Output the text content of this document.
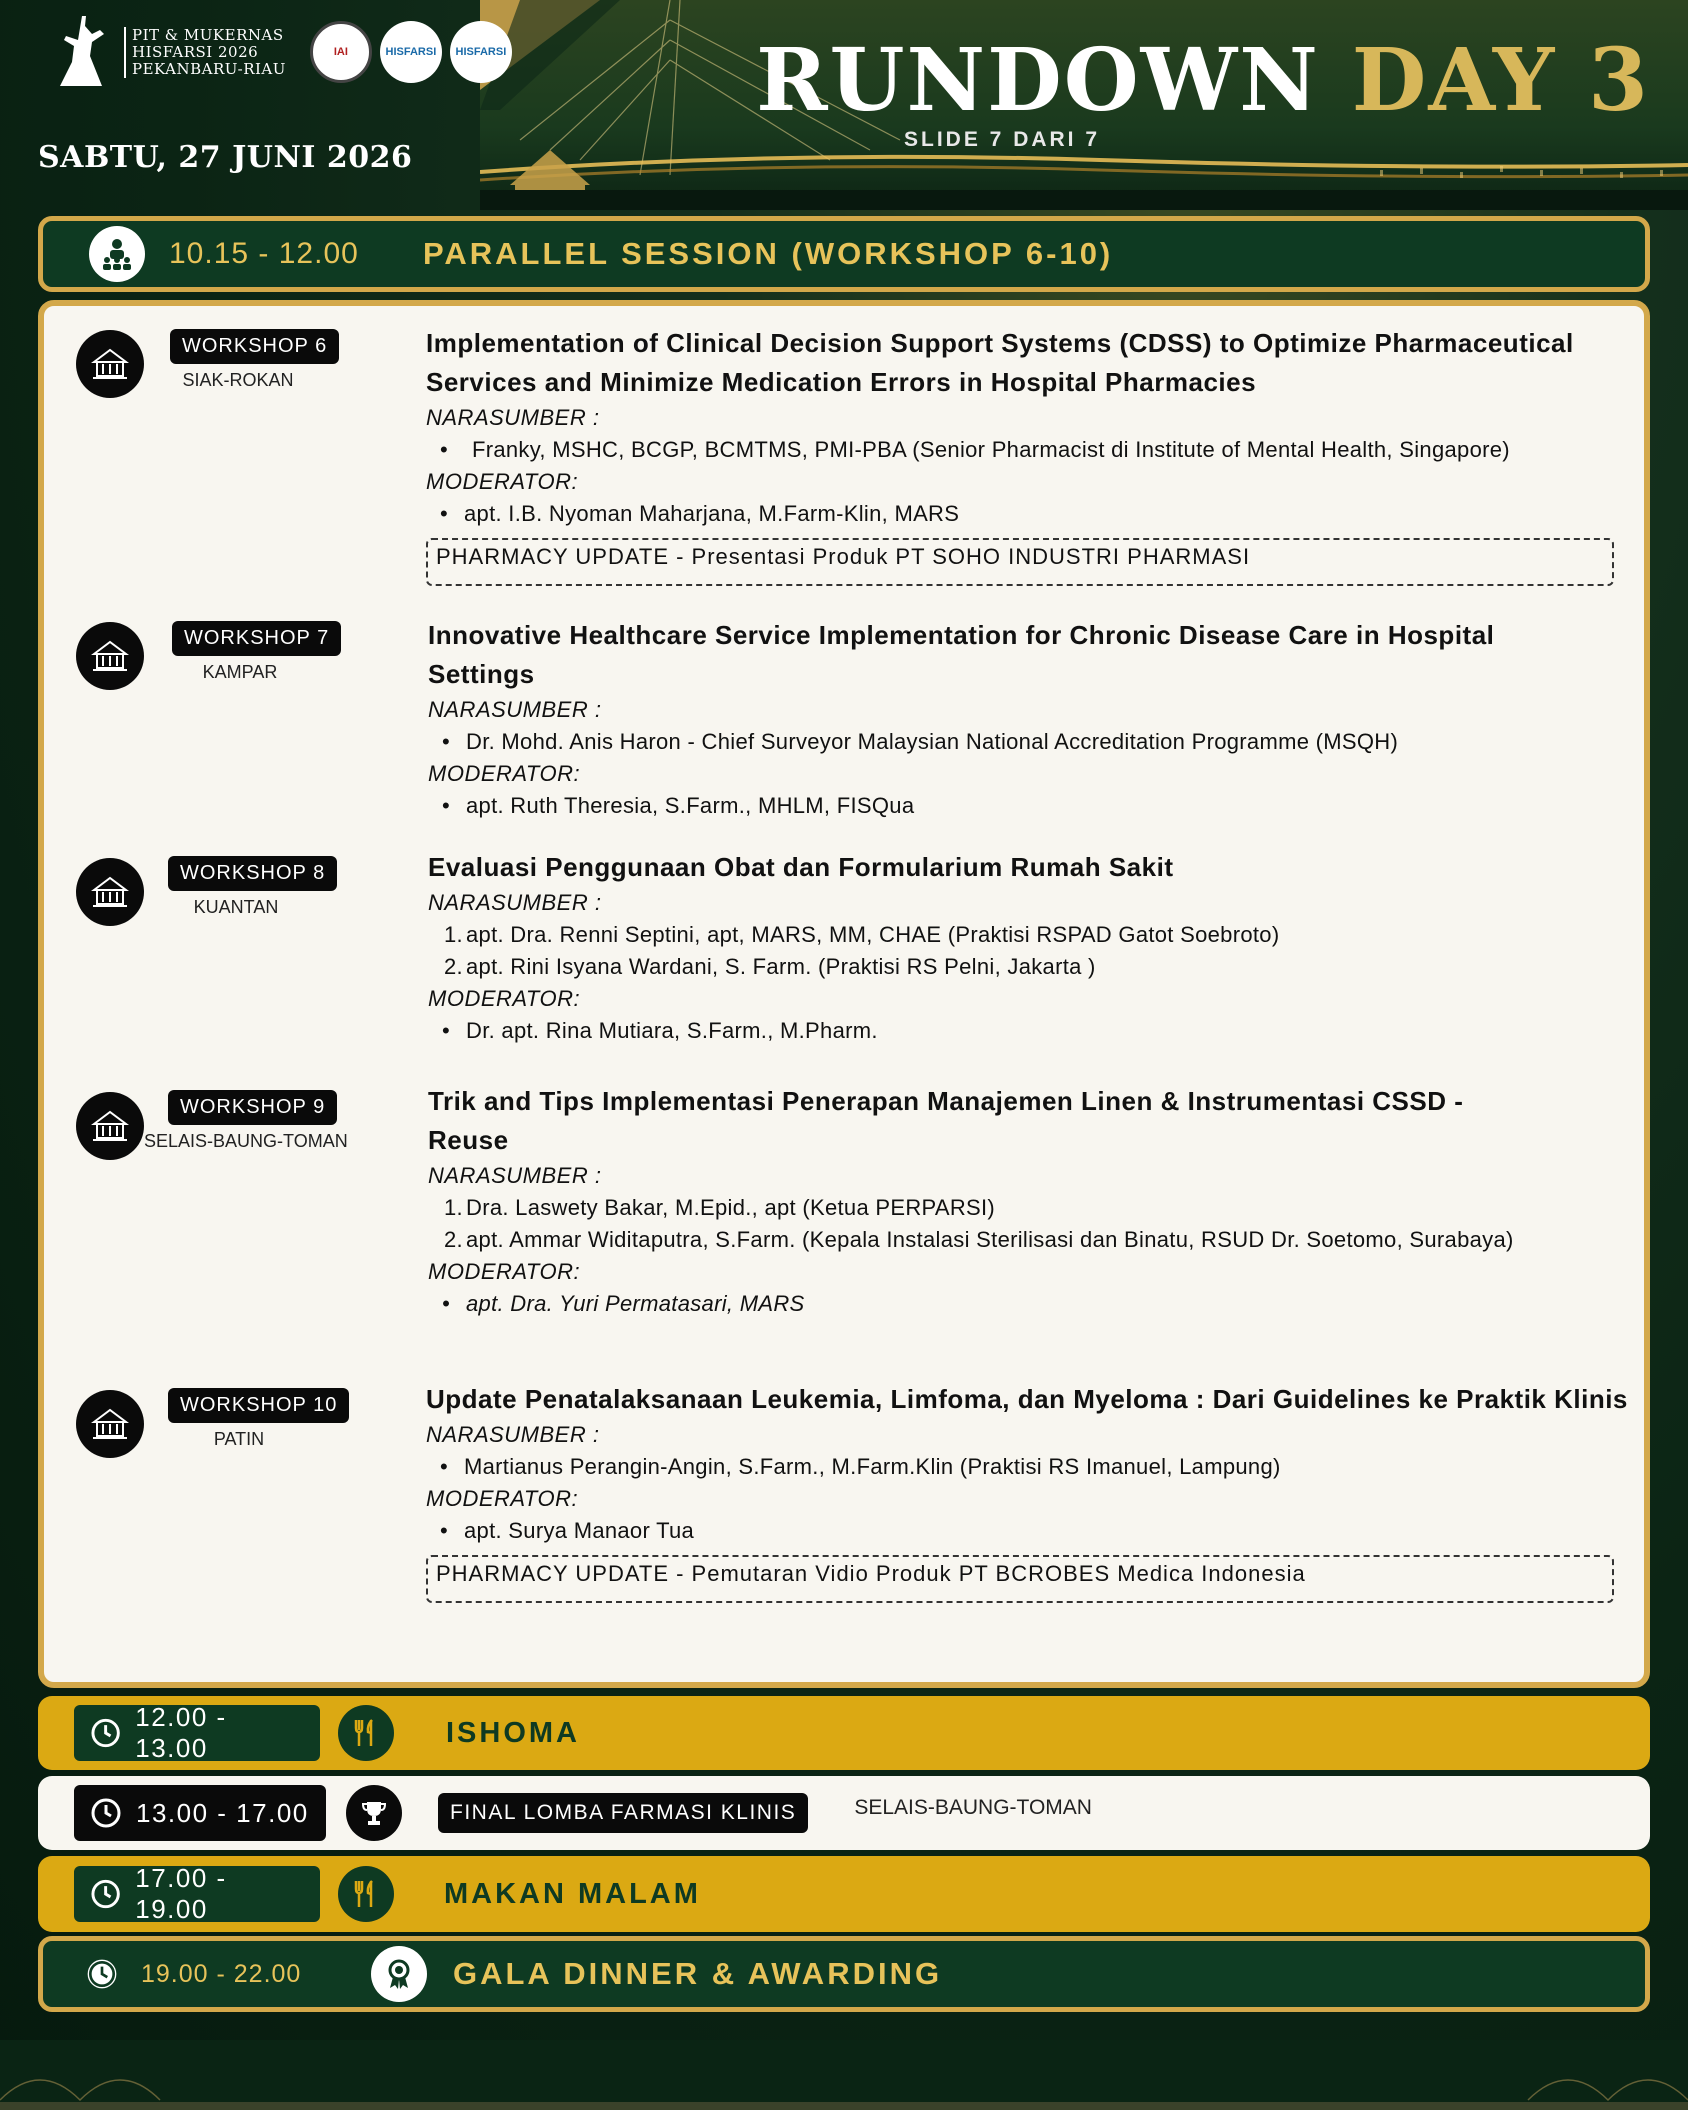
PIT & MUKERNAS
HISFARSI 2026
PEKANBARU-RIAU
IAI	HISFARSI HISFARSI
SABTU, 27 JUNI 2026
RUNDOWN DAY 3
SLIDE 7 DARI 7
10.15 - 12.00	PARALLEL SESSION (WORKSHOP 6-10)
WORKSHOP 6
SIAK-ROKAN
Implementation of Clinical Decision Support Systems (CDSS) to Optimize Pharmaceutical Services and Minimize Medication Errors in Hospital Pharmacies
NARASUMBER :
• Franky, MSHC, BCGP, BCMTMS, PMI-PBA (Senior Pharmacist di Institute of Mental Health, Singapore)
MODERATOR:
• apt. I.B. Nyoman Maharjana, M.Farm-Klin, MARS
PHARMACY UPDATE - Presentasi Produk PT SOHO INDUSTRI PHARMASI
WORKSHOP 7
KAMPAR
Innovative Healthcare Service Implementation for Chronic Disease Care in Hospital Settings
NARASUMBER :
• Dr. Mohd. Anis Haron - Chief Surveyor Malaysian National Accreditation Programme (MSQH)
MODERATOR:
• apt. Ruth Theresia, S.Farm., MHLM, FISQua
WORKSHOP 8
KUANTAN
Evaluasi Penggunaan Obat dan Formularium Rumah Sakit
NARASUMBER :
1. apt. Dra. Renni Septini, apt, MARS, MM, CHAE (Praktisi RSPAD Gatot Soebroto)
2. apt. Rini Isyana Wardani, S. Farm. (Praktisi RS Pelni, Jakarta )
MODERATOR:
• Dr. apt. Rina Mutiara, S.Farm., M.Pharm.
WORKSHOP 9
SELAIS-BAUNG-TOMAN
Trik and Tips Implementasi Penerapan Manajemen Linen & Instrumentasi CSSD - Reuse
NARASUMBER :
1. Dra. Laswety Bakar, M.Epid., apt (Ketua PERPARSI)
2. apt. Ammar Widitaputra, S.Farm. (Kepala Instalasi Sterilisasi dan Binatu, RSUD Dr. Soetomo, Surabaya)
MODERATOR:
• apt. Dra. Yuri Permatasari, MARS
WORKSHOP 10
PATIN
Update Penatalaksanaan Leukemia, Limfoma, dan Myeloma : Dari Guidelines ke Praktik Klinis
NARASUMBER :
• Martianus Perangin-Angin, S.Farm., M.Farm.Klin (Praktisi RS Imanuel, Lampung)
MODERATOR:
• apt. Surya Manaor Tua
PHARMACY UPDATE - Pemutaran Vidio Produk PT BCROBES Medica Indonesia
12.00 - 13.00	ISHOMA
13.00 - 17.00	FINAL LOMBA FARMASI KLINIS	SELAIS-BAUNG-TOMAN
17.00 - 19.00	MAKAN MALAM
19.00 - 22.00	GALA DINNER & AWARDING
